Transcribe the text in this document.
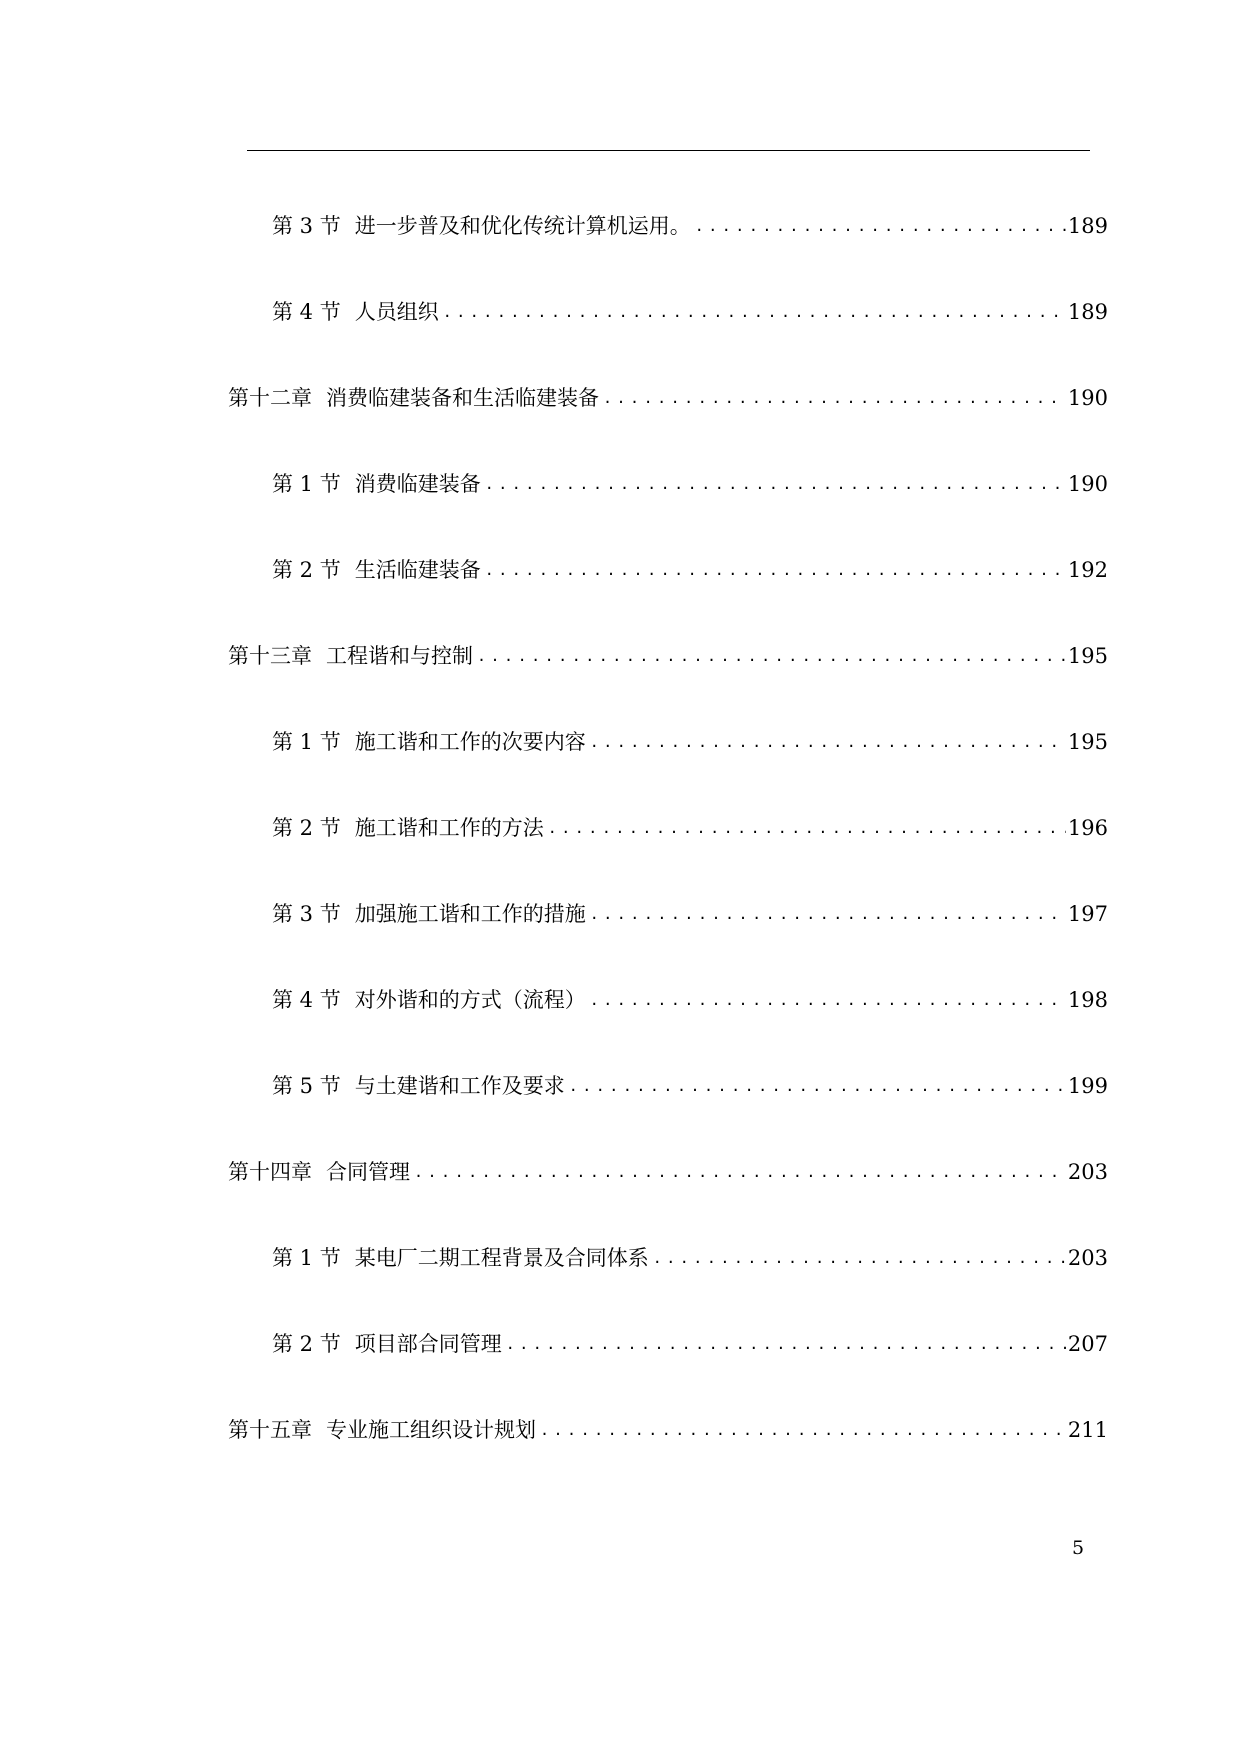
第 3 节 进一步普及和优化传统计算机运用。 .....	189
第 4 节 人员组织 .....	189
第十二章 消费临建装备和生活临建装备 .....	190
第 1 节 消费临建装备 .....	190
第 2 节 生活临建装备 .....	192
第十三章 工程谐和与控制 .....	195
第 1 节 施工谐和工作的次要内容 .....	195
第 2 节 施工谐和工作的方法 .....	196
第 3 节 加强施工谐和工作的措施 .....	197
第 4 节 对外谐和的方式（流程） .....	198
第 5 节 与土建谐和工作及要求 .....	199
第十四章 合同管理 .....	203
第 1 节 某电厂二期工程背景及合同体系 .....	203
第 2 节 项目部合同管理 .....	207
第十五章 专业施工组织设计规划 .....	211
5
